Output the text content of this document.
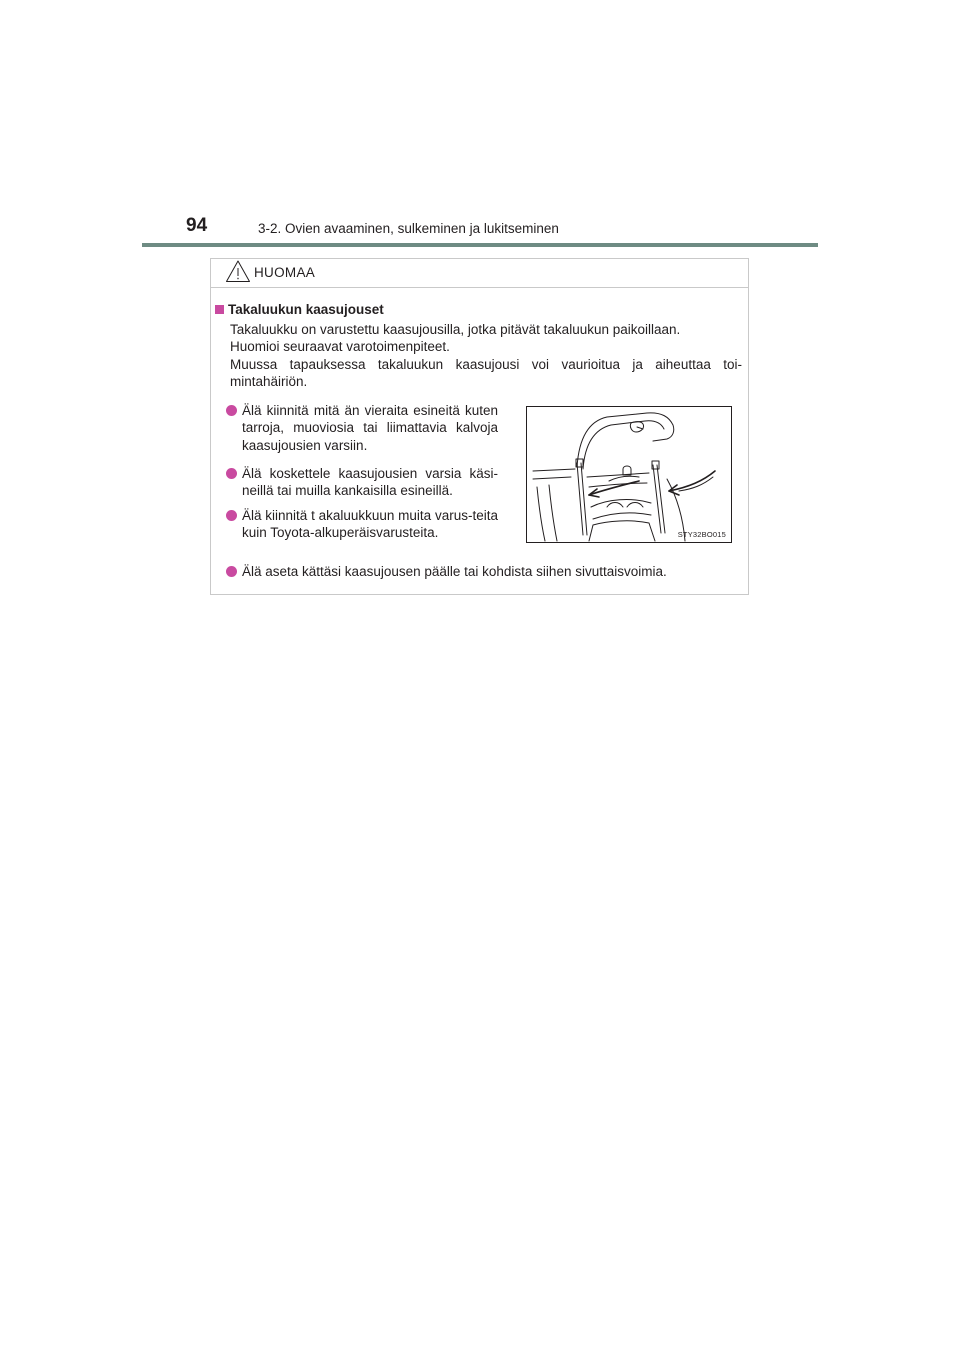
94	3-2. Ovien avaaminen, sulkeminen ja lukitseminen
HUOMAA
Takaluukun kaasujouset

Takaluukku on varustettu kaasujousilla, jotka pitävät takaluukun paikoillaan.

Huomioi seuraavat varotoimenpiteet.

Muussa tapauksessa takaluukun kaasujousi voi vaurioitua ja aiheuttaa toi-mintahäiriön.

Älä kiinnitä mitä än vieraita esineitä kuten tarroja, muoviosia tai liimattavia kalvoja kaasujousien varsiin.
Älä koskettele kaasujousien varsia käsi-neillä tai muilla kankaisilla esineillä.
Älä kiinnitä t akaluukkuun muita varus-teita kuin Toyota-alkuperäisvarusteita.	STY32BO015
Älä aseta kättäsi kaasujousen päälle tai kohdista siihen sivuttaisvoimia.
